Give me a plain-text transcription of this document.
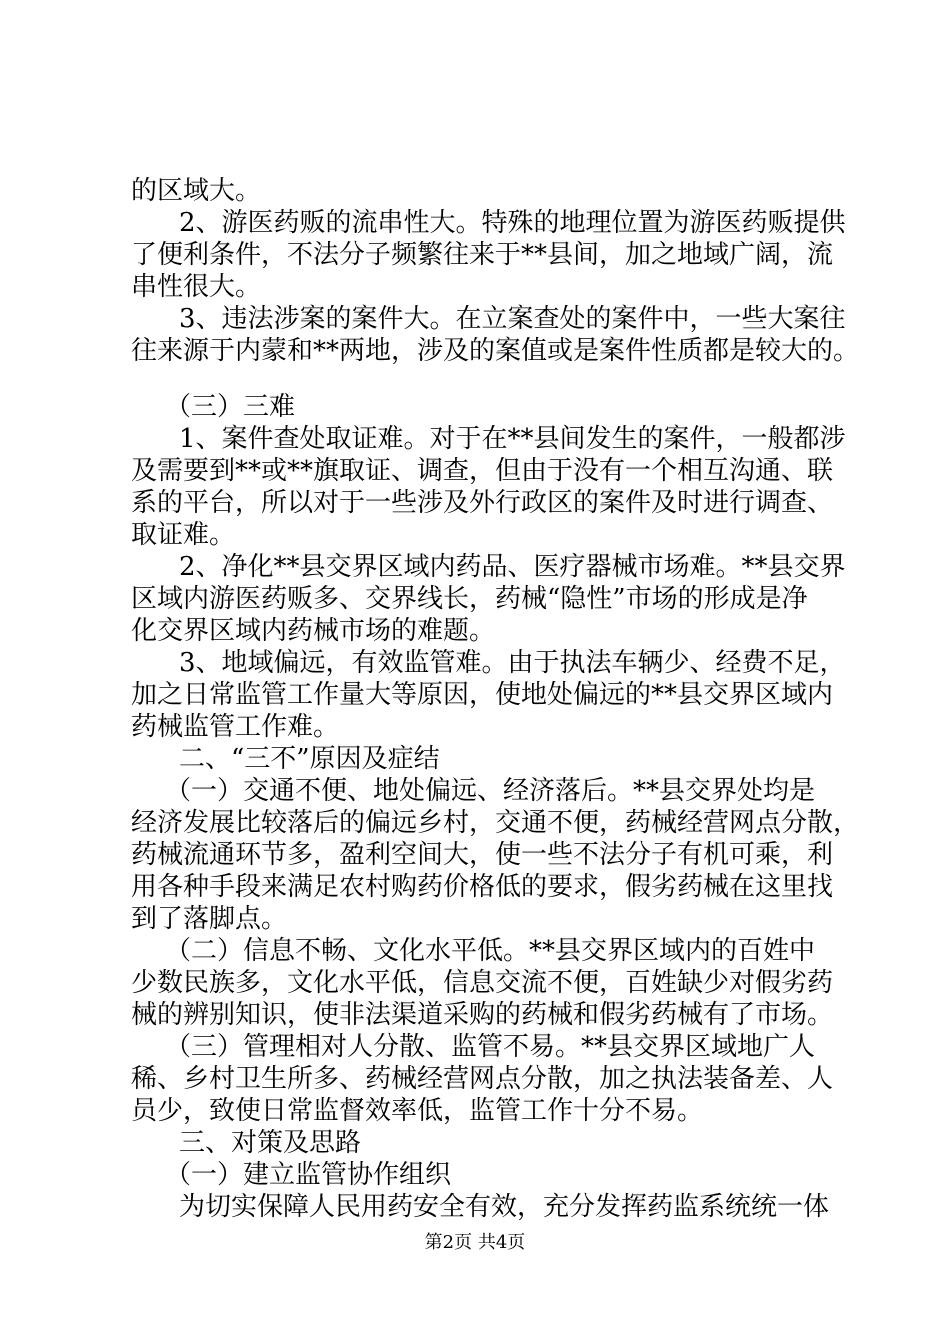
的区域大。
2、游医药贩的流串性大。特殊的地理位置为游医药贩提供
了便利条件，不法分子频繁往来于**县间，加之地域广阔，流
串性很大。
3、违法涉案的案件大。在立案查处的案件中，一些大案往
往来源于内蒙和**两地，涉及的案值或是案件性质都是较大的。
（三）三难
1、案件查处取证难。对于在**县间发生的案件，一般都涉
及需要到**或**旗取证、调查，但由于没有一个相互沟通、联
系的平台，所以对于一些涉及外行政区的案件及时进行调查、
取证难。
2、净化**县交界区域内药品、医疗器械市场难。**县交界
区域内游医药贩多、交界线长，药械“隐性”市场的形成是净
化交界区域内药械市场的难题。
3、地域偏远，有效监管难。由于执法车辆少、经费不足，
加之日常监管工作量大等原因，使地处偏远的**县交界区域内
药械监管工作难。
二、“三不”原因及症结
（一）交通不便、地处偏远、经济落后。**县交界处均是
经济发展比较落后的偏远乡村，交通不便，药械经营网点分散，
药械流通环节多，盈利空间大，使一些不法分子有机可乘，利
用各种手段来满足农村购药价格低的要求，假劣药械在这里找
到了落脚点。
（二）信息不畅、文化水平低。**县交界区域内的百姓中
少数民族多，文化水平低，信息交流不便，百姓缺少对假劣药
械的辨别知识，使非法渠道采购的药械和假劣药械有了市场。
（三）管理相对人分散、监管不易。**县交界区域地广人
稀、乡村卫生所多、药械经营网点分散，加之执法装备差、人
员少，致使日常监督效率低，监管工作十分不易。
三、对策及思路
（一）建立监管协作组织
为切实保障人民用药安全有效，充分发挥药监系统统一体
第2页 共4页
